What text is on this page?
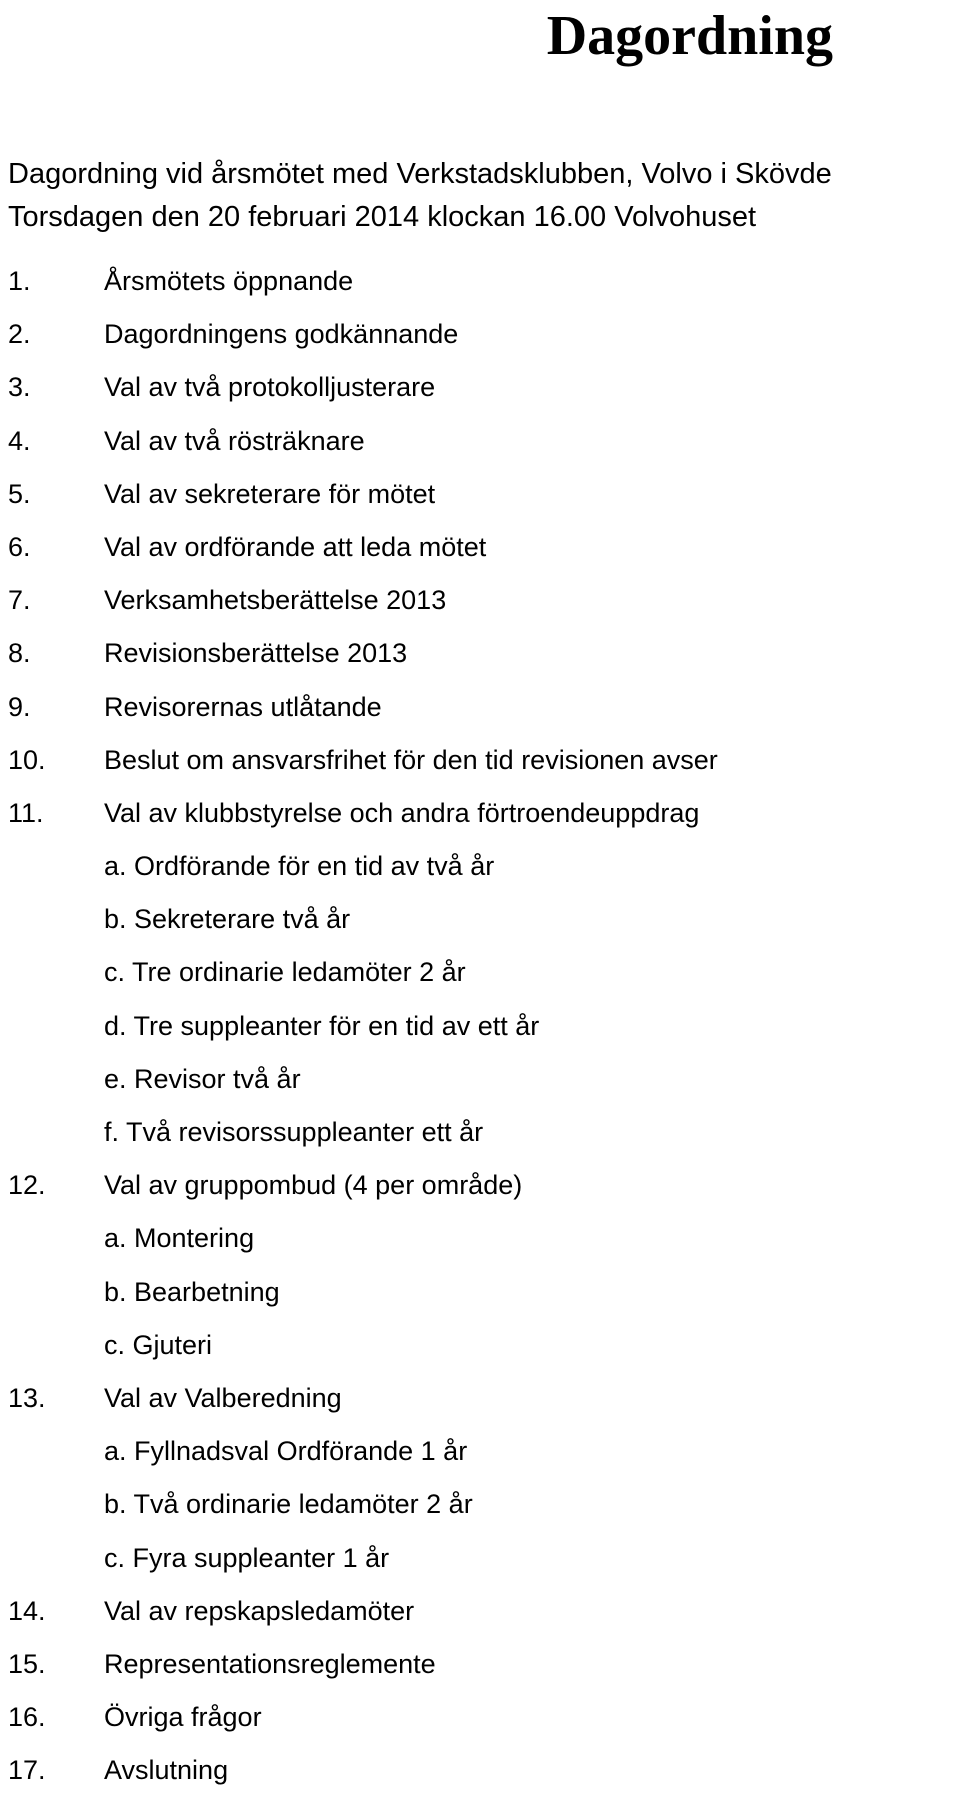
Dagordning
Dagordning vid årsmötet med Verkstadsklubben, Volvo i Skövde
Torsdagen den 20 februari 2014 klockan 16.00 Volvohuset
1.	Årsmötets öppnande
2.	Dagordningens godkännande
3.	Val av två protokolljusterare
4.	Val av två rösträknare
5.	Val av sekreterare för mötet
6.	Val av ordförande att leda mötet
7.	Verksamhetsberättelse 2013
8.	Revisionsberättelse 2013
9.	Revisorernas utlåtande
10. Beslut om ansvarsfrihet för den tid revisionen avser
11. Val av klubbstyrelse och andra förtroendeuppdrag
a. Ordförande för en tid av två år
b. Sekreterare två år
c. Tre ordinarie ledamöter 2 år
d. Tre suppleanter för en tid av ett år
e. Revisor två år
f. Två revisorssuppleanter ett år
12. Val av gruppombud (4 per område)
a. Montering
b. Bearbetning
c. Gjuteri
13. Val av Valberedning
a. Fyllnadsval Ordförande 1 år
b. Två ordinarie ledamöter 2 år
c. Fyra suppleanter 1 år
14. Val av repskapsledamöter
15. Representationsreglemente
16. Övriga frågor
17. Avslutning
